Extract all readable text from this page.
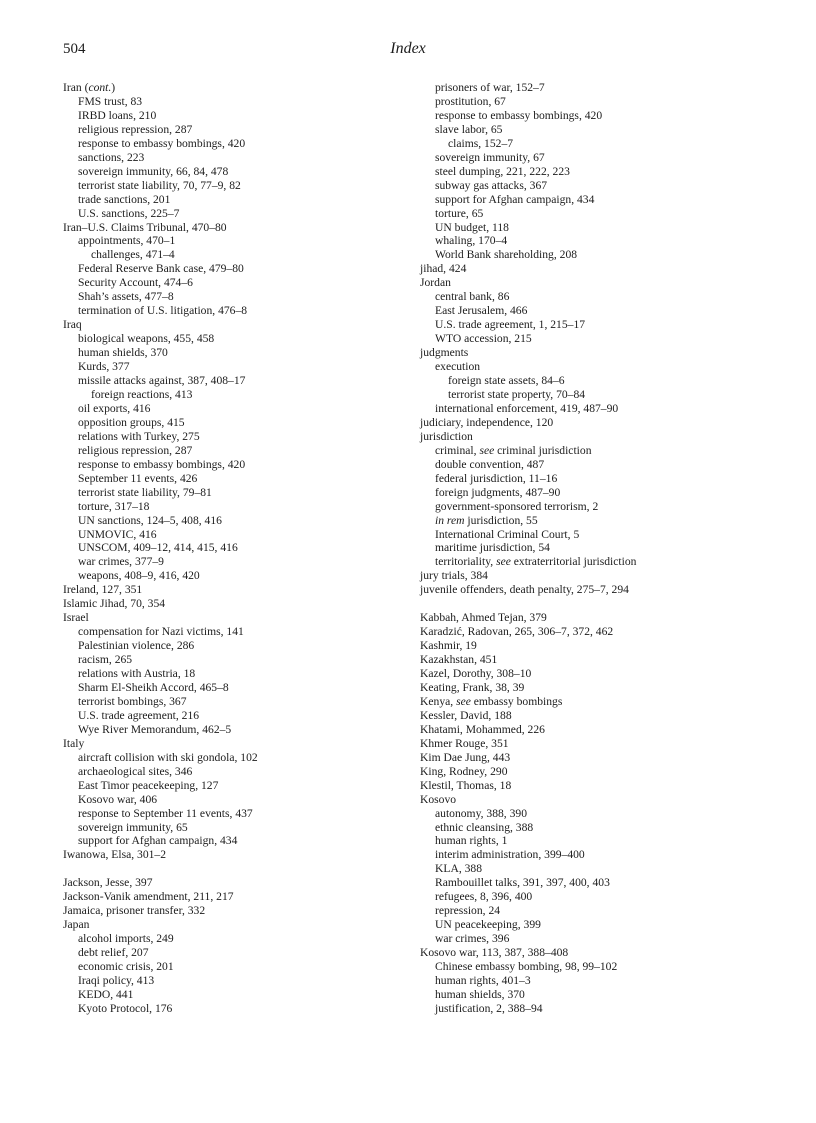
504	Index
Iran (cont.)
FMS trust, 83
IRBD loans, 210
religious repression, 287
response to embassy bombings, 420
sanctions, 223
sovereign immunity, 66, 84, 478
terrorist state liability, 70, 77–9, 82
trade sanctions, 201
U.S. sanctions, 225–7
Iran–U.S. Claims Tribunal, 470–80
appointments, 470–1
challenges, 471–4
Federal Reserve Bank case, 479–80
Security Account, 474–6
Shah’s assets, 477–8
termination of U.S. litigation, 476–8
Iraq
biological weapons, 455, 458
human shields, 370
Kurds, 377
missile attacks against, 387, 408–17
foreign reactions, 413
oil exports, 416
opposition groups, 415
relations with Turkey, 275
religious repression, 287
response to embassy bombings, 420
September 11 events, 426
terrorist state liability, 79–81
torture, 317–18
UN sanctions, 124–5, 408, 416
UNMOVIC, 416
UNSCOM, 409–12, 414, 415, 416
war crimes, 377–9
weapons, 408–9, 416, 420
Ireland, 127, 351
Islamic Jihad, 70, 354
Israel
compensation for Nazi victims, 141
Palestinian violence, 286
racism, 265
relations with Austria, 18
Sharm El-Sheikh Accord, 465–8
terrorist bombings, 367
U.S. trade agreement, 216
Wye River Memorandum, 462–5
Italy
aircraft collision with ski gondola, 102
archaeological sites, 346
East Timor peacekeeping, 127
Kosovo war, 406
response to September 11 events, 437
sovereign immunity, 65
support for Afghan campaign, 434
Iwanowa, Elsa, 301–2
Jackson, Jesse, 397
Jackson-Vanik amendment, 211, 217
Jamaica, prisoner transfer, 332
Japan
alcohol imports, 249
debt relief, 207
economic crisis, 201
Iraqi policy, 413
KEDO, 441
Kyoto Protocol, 176
prisoners of war, 152–7
prostitution, 67
response to embassy bombings, 420
slave labor, 65
claims, 152–7
sovereign immunity, 67
steel dumping, 221, 222, 223
subway gas attacks, 367
support for Afghan campaign, 434
torture, 65
UN budget, 118
whaling, 170–4
World Bank shareholding, 208
jihad, 424
Jordan
central bank, 86
East Jerusalem, 466
U.S. trade agreement, 1, 215–17
WTO accession, 215
judgments
execution
foreign state assets, 84–6
terrorist state property, 70–84
international enforcement, 419, 487–90
judiciary, independence, 120
jurisdiction
criminal, see criminal jurisdiction
double convention, 487
federal jurisdiction, 11–16
foreign judgments, 487–90
government-sponsored terrorism, 2
in rem jurisdiction, 55
International Criminal Court, 5
maritime jurisdiction, 54
territoriality, see extraterritorial jurisdiction
jury trials, 384
juvenile offenders, death penalty, 275–7, 294
Kabbah, Ahmed Tejan, 379
Karadzić, Radovan, 265, 306–7, 372, 462
Kashmir, 19
Kazakhstan, 451
Kazel, Dorothy, 308–10
Keating, Frank, 38, 39
Kenya, see embassy bombings
Kessler, David, 188
Khatami, Mohammed, 226
Khmer Rouge, 351
Kim Dae Jung, 443
King, Rodney, 290
Klestil, Thomas, 18
Kosovo
autonomy, 388, 390
ethnic cleansing, 388
human rights, 1
interim administration, 399–400
KLA, 388
Rambouillet talks, 391, 397, 400, 403
refugees, 8, 396, 400
repression, 24
UN peacekeeping, 399
war crimes, 396
Kosovo war, 113, 387, 388–408
Chinese embassy bombing, 98, 99–102
human rights, 401–3
human shields, 370
justification, 2, 388–94
